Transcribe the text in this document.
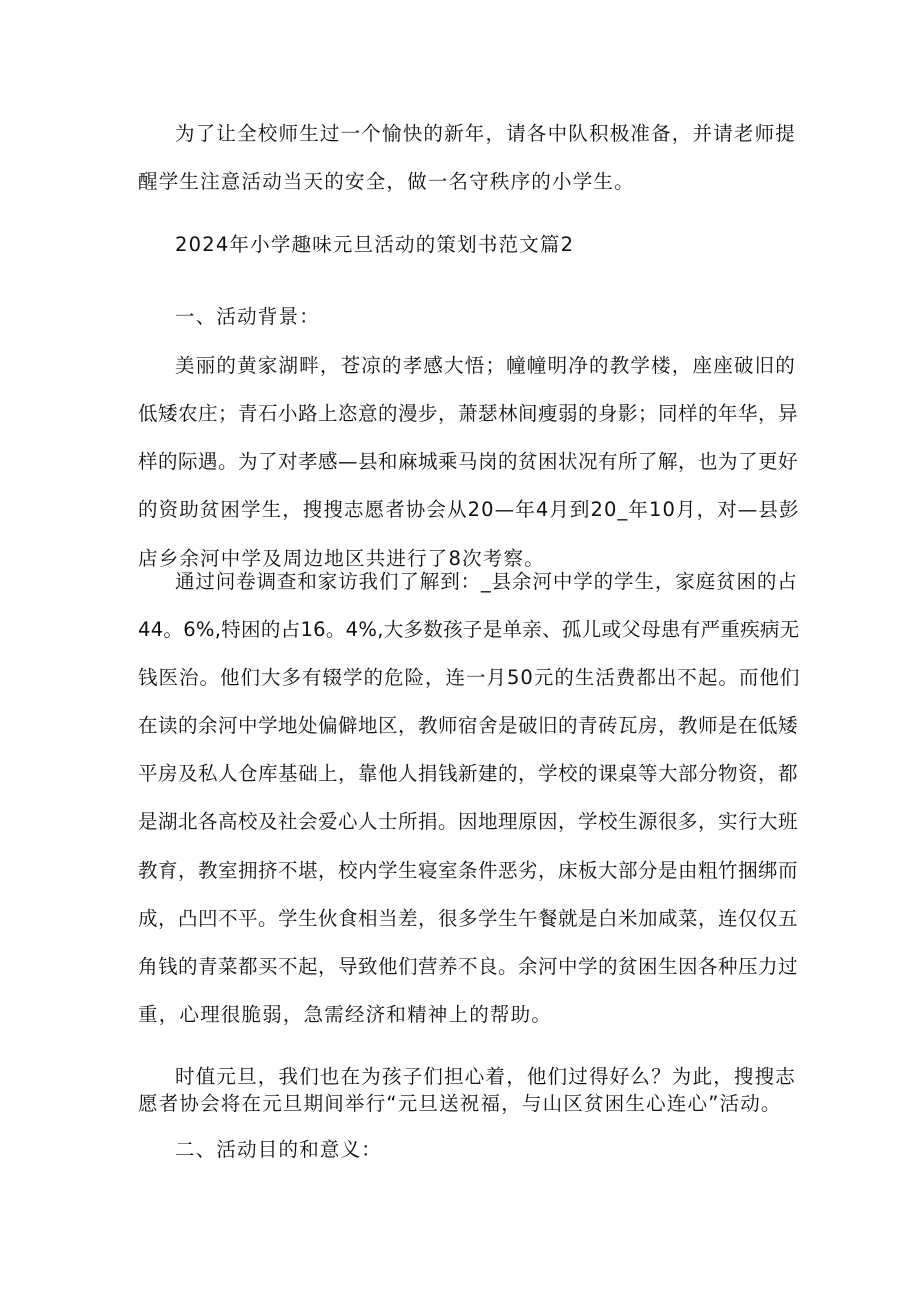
为了让全校师生过一个愉快的新年，请各中队积极准备，并请老师提
醒学生注意活动当天的安全，做一名守秩序的小学生。
2024年小学趣味元旦活动的策划书范文篇2
一、活动背景：
美丽的黄家湖畔，苍凉的孝感大悟；幢幢明净的教学楼，座座破旧的
低矮农庄；青石小路上恣意的漫步，萧瑟林间瘦弱的身影；同样的年华，异
样的际遇。为了对孝感—县和麻城乘马岗的贫困状况有所了解，也为了更好
的资助贫困学生，搜搜志愿者协会从20—年4月到20_年10月，对—县彭
店乡余河中学及周边地区共进行了8次考察。
通过问卷调查和家访我们了解到：_县余河中学的学生，家庭贫困的占
44。6%,特困的占16。4%,大多数孩子是单亲、孤儿或父母患有严重疾病无
钱医治。他们大多有辍学的危险，连一月50元的生活费都出不起。而他们
在读的余河中学地处偏僻地区，教师宿舍是破旧的青砖瓦房，教师是在低矮
平房及私人仓库基础上，靠他人捐钱新建的，学校的课桌等大部分物资，都
是湖北各高校及社会爱心人士所捐。因地理原因，学校生源很多，实行大班
教育，教室拥挤不堪，校内学生寝室条件恶劣，床板大部分是由粗竹捆绑而
成，凸凹不平。学生伙食相当差，很多学生午餐就是白米加咸菜，连仅仅五
角钱的青菜都买不起，导致他们营养不良。余河中学的贫困生因各种压力过
重，心理很脆弱，急需经济和精神上的帮助。
时值元旦，我们也在为孩子们担心着，他们过得好么？为此，搜搜志
愿者协会将在元旦期间举行“元旦送祝福，与山区贫困生心连心”活动。
二、活动目的和意义：
